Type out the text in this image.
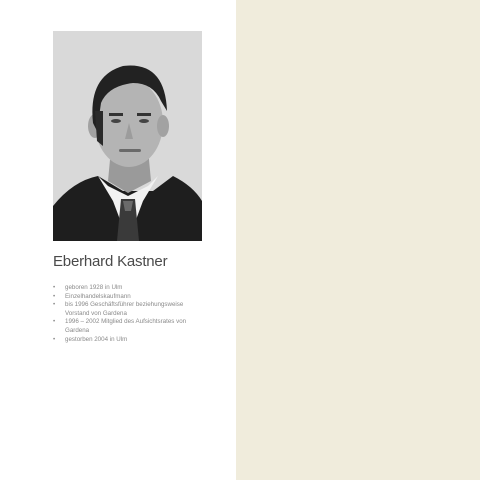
Eberhard Kastner
• geboren 1928 in Ulm
• Einzelhandelskaufmann
• bis 1996 Geschäftsführer beziehungsweise Vorstand von Gardena
• 1996 – 2002 Mitglied des Aufsichtsrates von Gardena
• gestorben 2004 in Ulm
